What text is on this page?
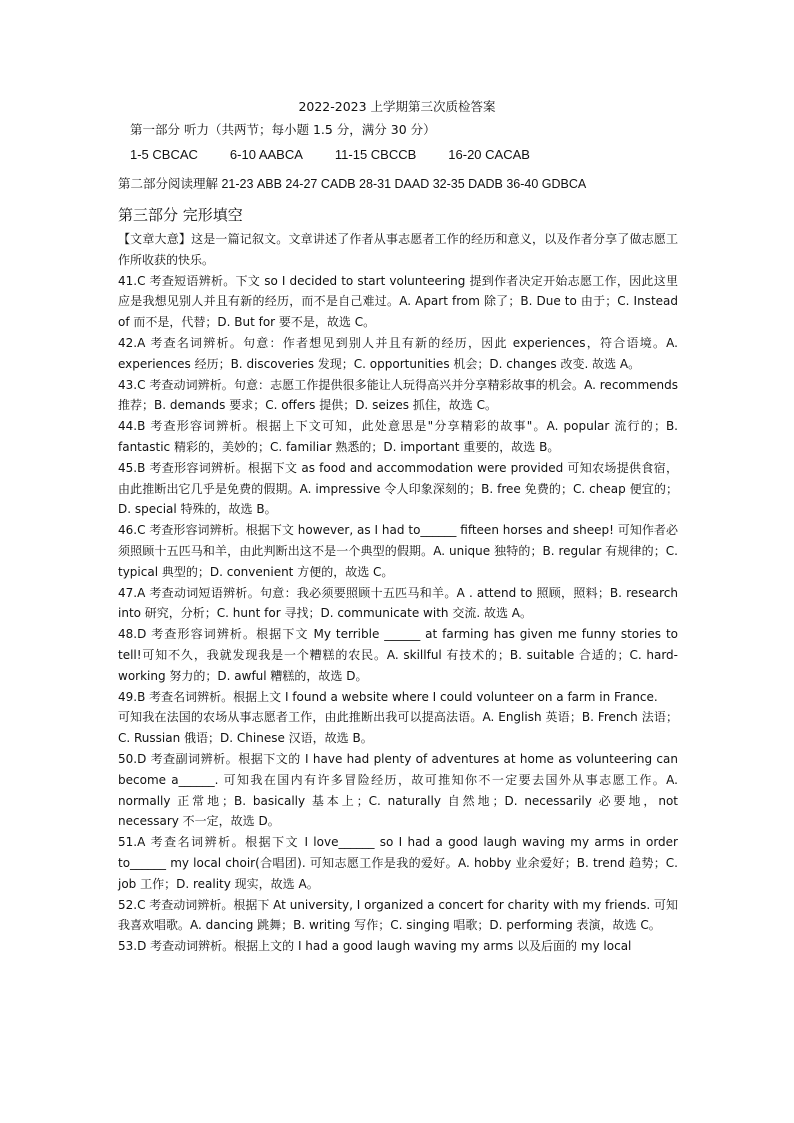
2022-2023 上学期第三次质检答案
第一部分 听力（共两节；每小题 1.5 分，满分 30 分）
1-5 CBCAC 6-10 AABCA 11-15 CBCCB 16-20 CACAB
第二部分阅读理解 21-23 ABB 24-27 CADB 28-31 DAAD 32-35 DADB 36-40 GDBCA
第三部分 完形填空

【文章大意】这是一篇记叙文。文章讲述了作者从事志愿者工作的经历和意义，以及作者分享了做志愿工作所收获的快乐。

41.C 考查短语辨析。下文 so I decided to start volunteering 提到作者决定开始志愿工作，因此这里应是我想见别人并且有新的经历，而不是自己难过。A. Apart from 除了；B. Due to 由于；C. Instead of 而不是，代替；D. But for 要不是，故选 C。

42.A 考查名词辨析。句意：作者想见到别人并且有新的经历，因此 experiences，符合语境。A. experiences 经历；B. discoveries 发现；C. opportunities 机会；D. changes 改变. 故选 A。

43.C 考查动词辨析。句意：志愿工作提供很多能让人玩得高兴并分享精彩故事的机会。A. recommends 推荐；B. demands 要求；C. offers 提供；D. seizes 抓住，故选 C。

44.B 考查形容词辨析。根据上下文可知，此处意思是"分享精彩的故事"。A. popular 流行的；B. fantastic 精彩的，美妙的；C. familiar 熟悉的；D. important 重要的，故选 B。

45.B 考查形容词辨析。根据下文 as food and accommodation were provided 可知农场提供食宿，由此推断出它几乎是免费的假期。A. impressive 令人印象深刻的；B. free 免费的；C. cheap 便宜的；D. special 特殊的，故选 B。

46.C 考查形容词辨析。根据下文 however, as I had to______ fifteen horses and sheep! 可知作者必须照顾十五匹马和羊，由此判断出这不是一个典型的假期。A. unique 独特的；B. regular 有规律的；C. typical 典型的；D. convenient 方便的，故选 C。

47.A 考查动词短语辨析。句意：我必须要照顾十五匹马和羊。A . attend to 照顾，照料；B. research into 研究，分析；C. hunt for 寻找；D. communicate with 交流. 故选 A。

48.D 考查形容词辨析。根据下文 My terrible ______ at farming has given me funny stories to tell!可知不久，我就发现我是一个糟糕的农民。A. skillful 有技术的；B. suitable 合适的；C. hard-working 努力的；D. awful 糟糕的，故选 D。

49.B 考查名词辨析。根据上文 I found a website where I could volunteer on a farm in France.

可知我在法国的农场从事志愿者工作，由此推断出我可以提高法语。A. English 英语；B. French 法语；C. Russian 俄语；D. Chinese 汉语，故选 B。

50.D 考查副词辨析。根据下文的 I have had plenty of adventures at home as volunteering can become a______. 可知我在国内有许多冒险经历，故可推知你不一定要去国外从事志愿工作。A. normally 正常地；B. basically 基本上；C. naturally 自然地；D. necessarily 必要地，not necessary 不一定，故选 D。

51.A 考查名词辨析。根据下文 I love______ so I had a good laugh waving my arms in order to______ my local choir(合唱团). 可知志愿工作是我的爱好。A. hobby 业余爱好；B. trend 趋势；C. job 工作；D. reality 现实，故选 A。

52.C 考查动词辨析。根据下 At university, I organized a concert for charity with my friends. 可知我喜欢唱歌。A. dancing 跳舞；B. writing 写作；C. singing 唱歌；D. performing 表演，故选 C。

53.D 考查动词辨析。根据上文的 I had a good laugh waving my arms 以及后面的 my local
